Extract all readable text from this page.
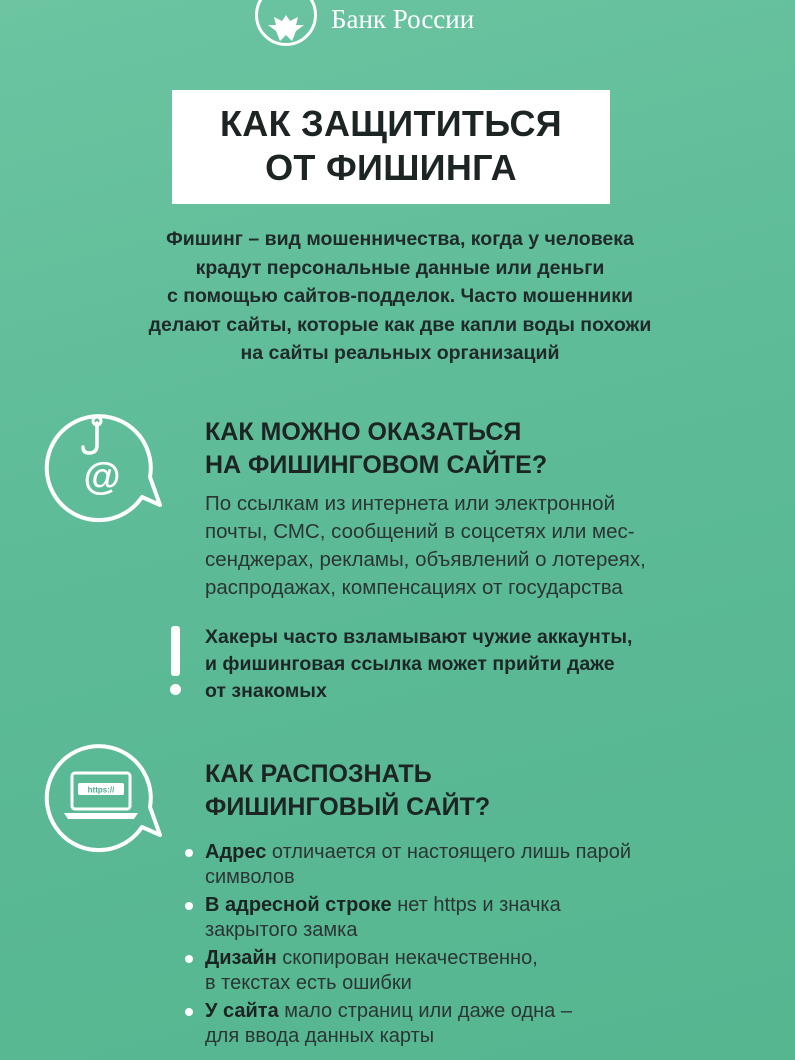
Банк России
КАК ЗАЩИТИТЬСЯ
ОТ ФИШИНГА
Фишинг – вид мошенничества, когда у человека
крадут персональные данные или деньги
с помощью сайтов-подделок. Часто мошенники
делают сайты, которые как две капли воды похожи
на сайты реальных организаций
@
КАК МОЖНО ОКАЗАТЬСЯ
НА ФИШИНГОВОМ САЙТЕ?
По ссылкам из интернета или электронной
почты, СМС, сообщений в соцсетях или мес-
сенджерах, рекламы, объявлений о лотереях,
распродажах, компенсациях от государства
Хакеры часто взламывают чужие аккаунты,
и фишинговая ссылка может прийти даже
от знакомых
https://
КАК РАСПОЗНАТЬ
ФИШИНГОВЫЙ САЙТ?
Адрес отличается от настоящего лишь парой
символов
В адресной строке нет https и значка
закрытого замка
Дизайн скопирован некачественно,
в текстах есть ошибки
У сайта мало страниц или даже одна –
для ввода данных карты
